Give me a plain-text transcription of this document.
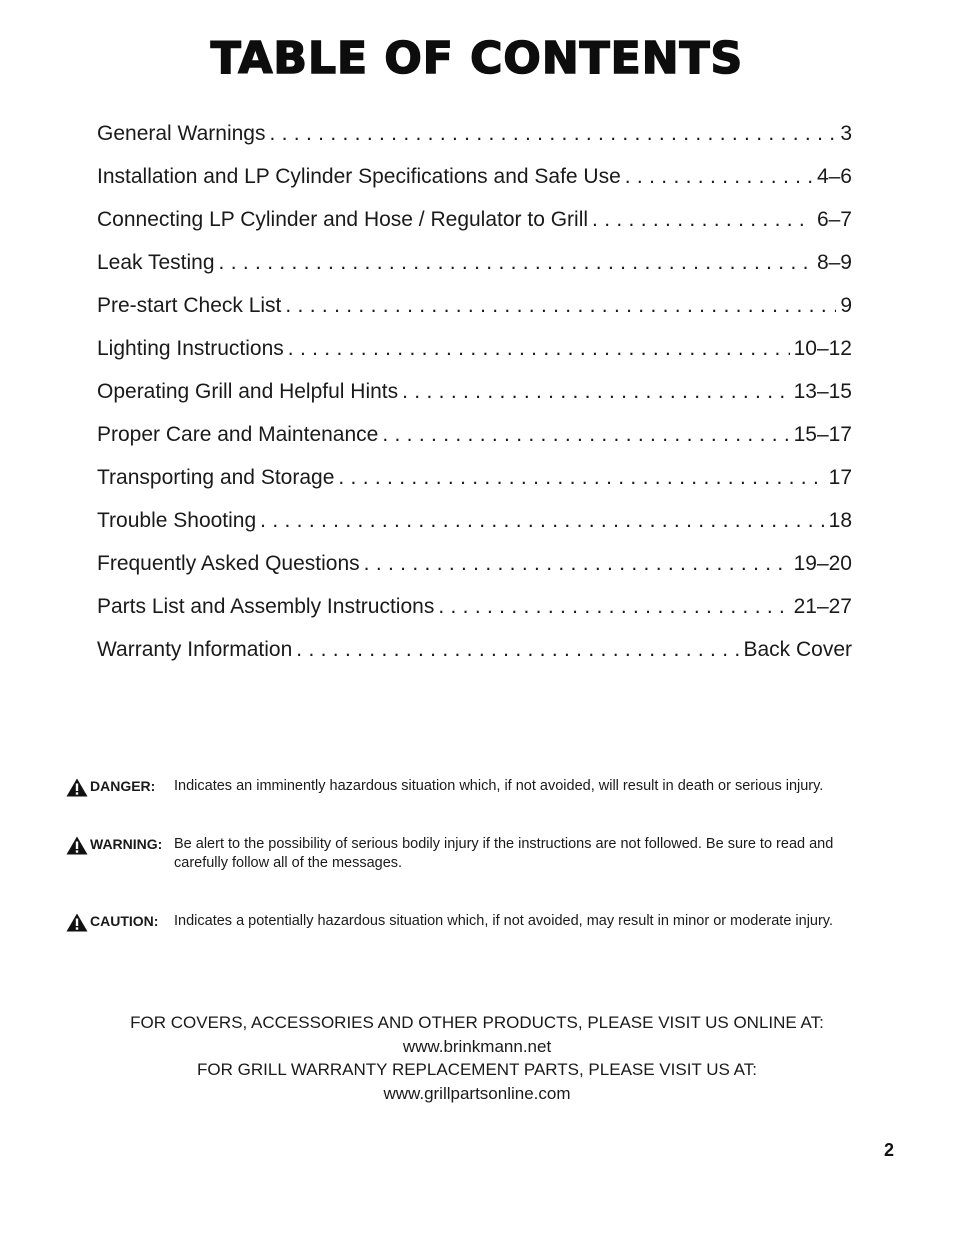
TABLE OF CONTENTS
General Warnings . . .	3
Installation and LP Cylinder Specifications and Safe Use . . .	4–6
Connecting LP Cylinder and Hose / Regulator to Grill . . .	6–7
Leak Testing . . .	8–9
Pre-start Check List . . .	9
Lighting Instructions . . .	10–12
Operating Grill and Helpful Hints . . .	13–15
Proper Care and Maintenance . . .	15–17
Transporting and Storage . . .	17
Trouble Shooting . . .	18
Frequently Asked Questions . . .	19–20
Parts List and Assembly Instructions . . .	21–27
Warranty Information . . .	Back Cover
DANGER: Indicates an imminently hazardous situation which, if not avoided, will result in death or serious injury.
WARNING: Be alert to the possibility of serious bodily injury if the instructions are not followed. Be sure to read and carefully follow all of the messages.
CAUTION: Indicates a potentially hazardous situation which, if not avoided, may result in minor or moderate injury.
FOR COVERS, ACCESSORIES AND OTHER PRODUCTS, PLEASE VISIT US ONLINE AT:
www.brinkmann.net
FOR GRILL WARRANTY REPLACEMENT PARTS, PLEASE VISIT US AT:
www.grillpartsonline.com
2
